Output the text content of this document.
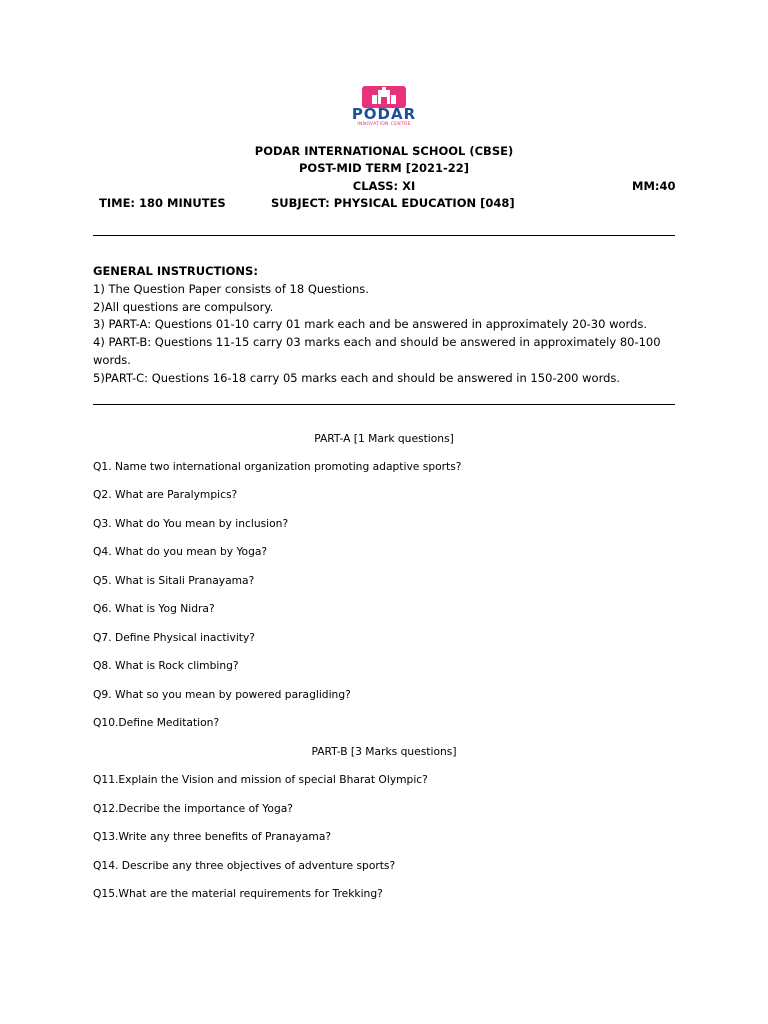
PODAR
INNOVATION CENTRE
PODAR INTERNATIONAL SCHOOL (CBSE)
POST-MID TERM [2021-22]
CLASS: XI	MM:40
TIME: 180 MINUTES	SUBJECT: PHYSICAL EDUCATION [048]
GENERAL INSTRUCTIONS:

1) The Question Paper consists of 18 Questions.

2)All questions are compulsory.

3) PART-A: Questions 01-10 carry 01 mark each and be answered in approximately 20-30 words.

4) PART-B: Questions 11-15 carry 03 marks each and should be answered in approximately 80-100 words.

5)PART-C: Questions 16-18 carry 05 marks each and should be answered in 150-200 words.

PART-A [1 Mark questions]
Q1. Name two international organization promoting adaptive sports?
Q2. What are Paralympics?
Q3. What do You mean by inclusion?
Q4. What do you mean by Yoga?
Q5. What is Sitali Pranayama?
Q6. What is Yog Nidra?
Q7. Define Physical inactivity?
Q8. What is Rock climbing?
Q9. What so you mean by powered paragliding?
Q10.Define Meditation?
PART-B [3 Marks questions]
Q11.Explain the Vision and mission of special Bharat Olympic?
Q12.Decribe the importance of Yoga?
Q13.Write any three benefits of Pranayama?
Q14. Describe any three objectives of adventure sports?
Q15.What are the material requirements for Trekking?
